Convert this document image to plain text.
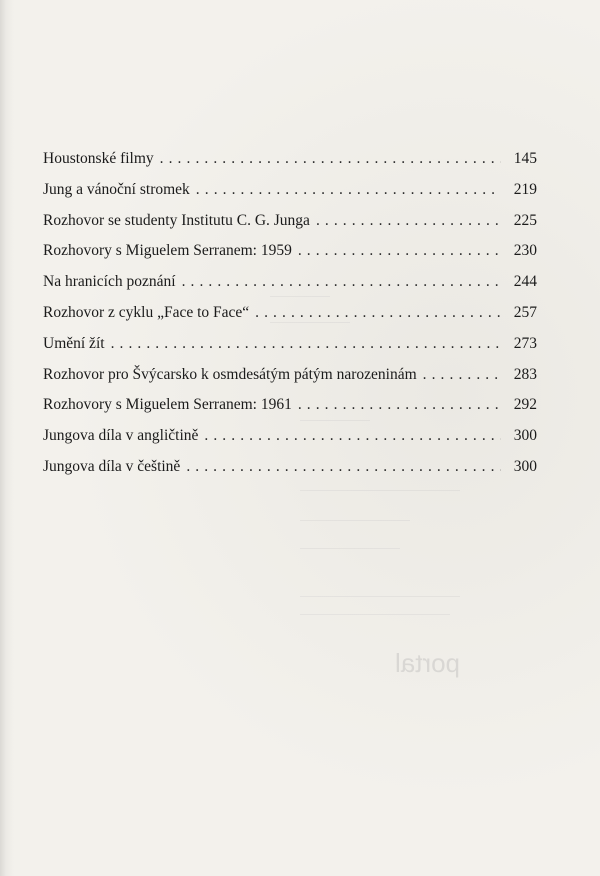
portal
Houstonské filmy . . .	145
Jung a vánoční stromek . . .	219
Rozhovor se studenty Institutu C. G. Junga . . .	225
Rozhovory s Miguelem Serranem: 1959 . . .	230
Na hranicích poznání . . .	244
Rozhovor z cyklu „Face to Face“ . . .	257
Umění žít . . .	273
Rozhovor pro Švýcarsko k osmdesátým pátým narozeninám . . .	283
Rozhovory s Miguelem Serranem: 1961 . . .	292
Jungova díla v angličtině . . .	300
Jungova díla v češtině . . .	300
